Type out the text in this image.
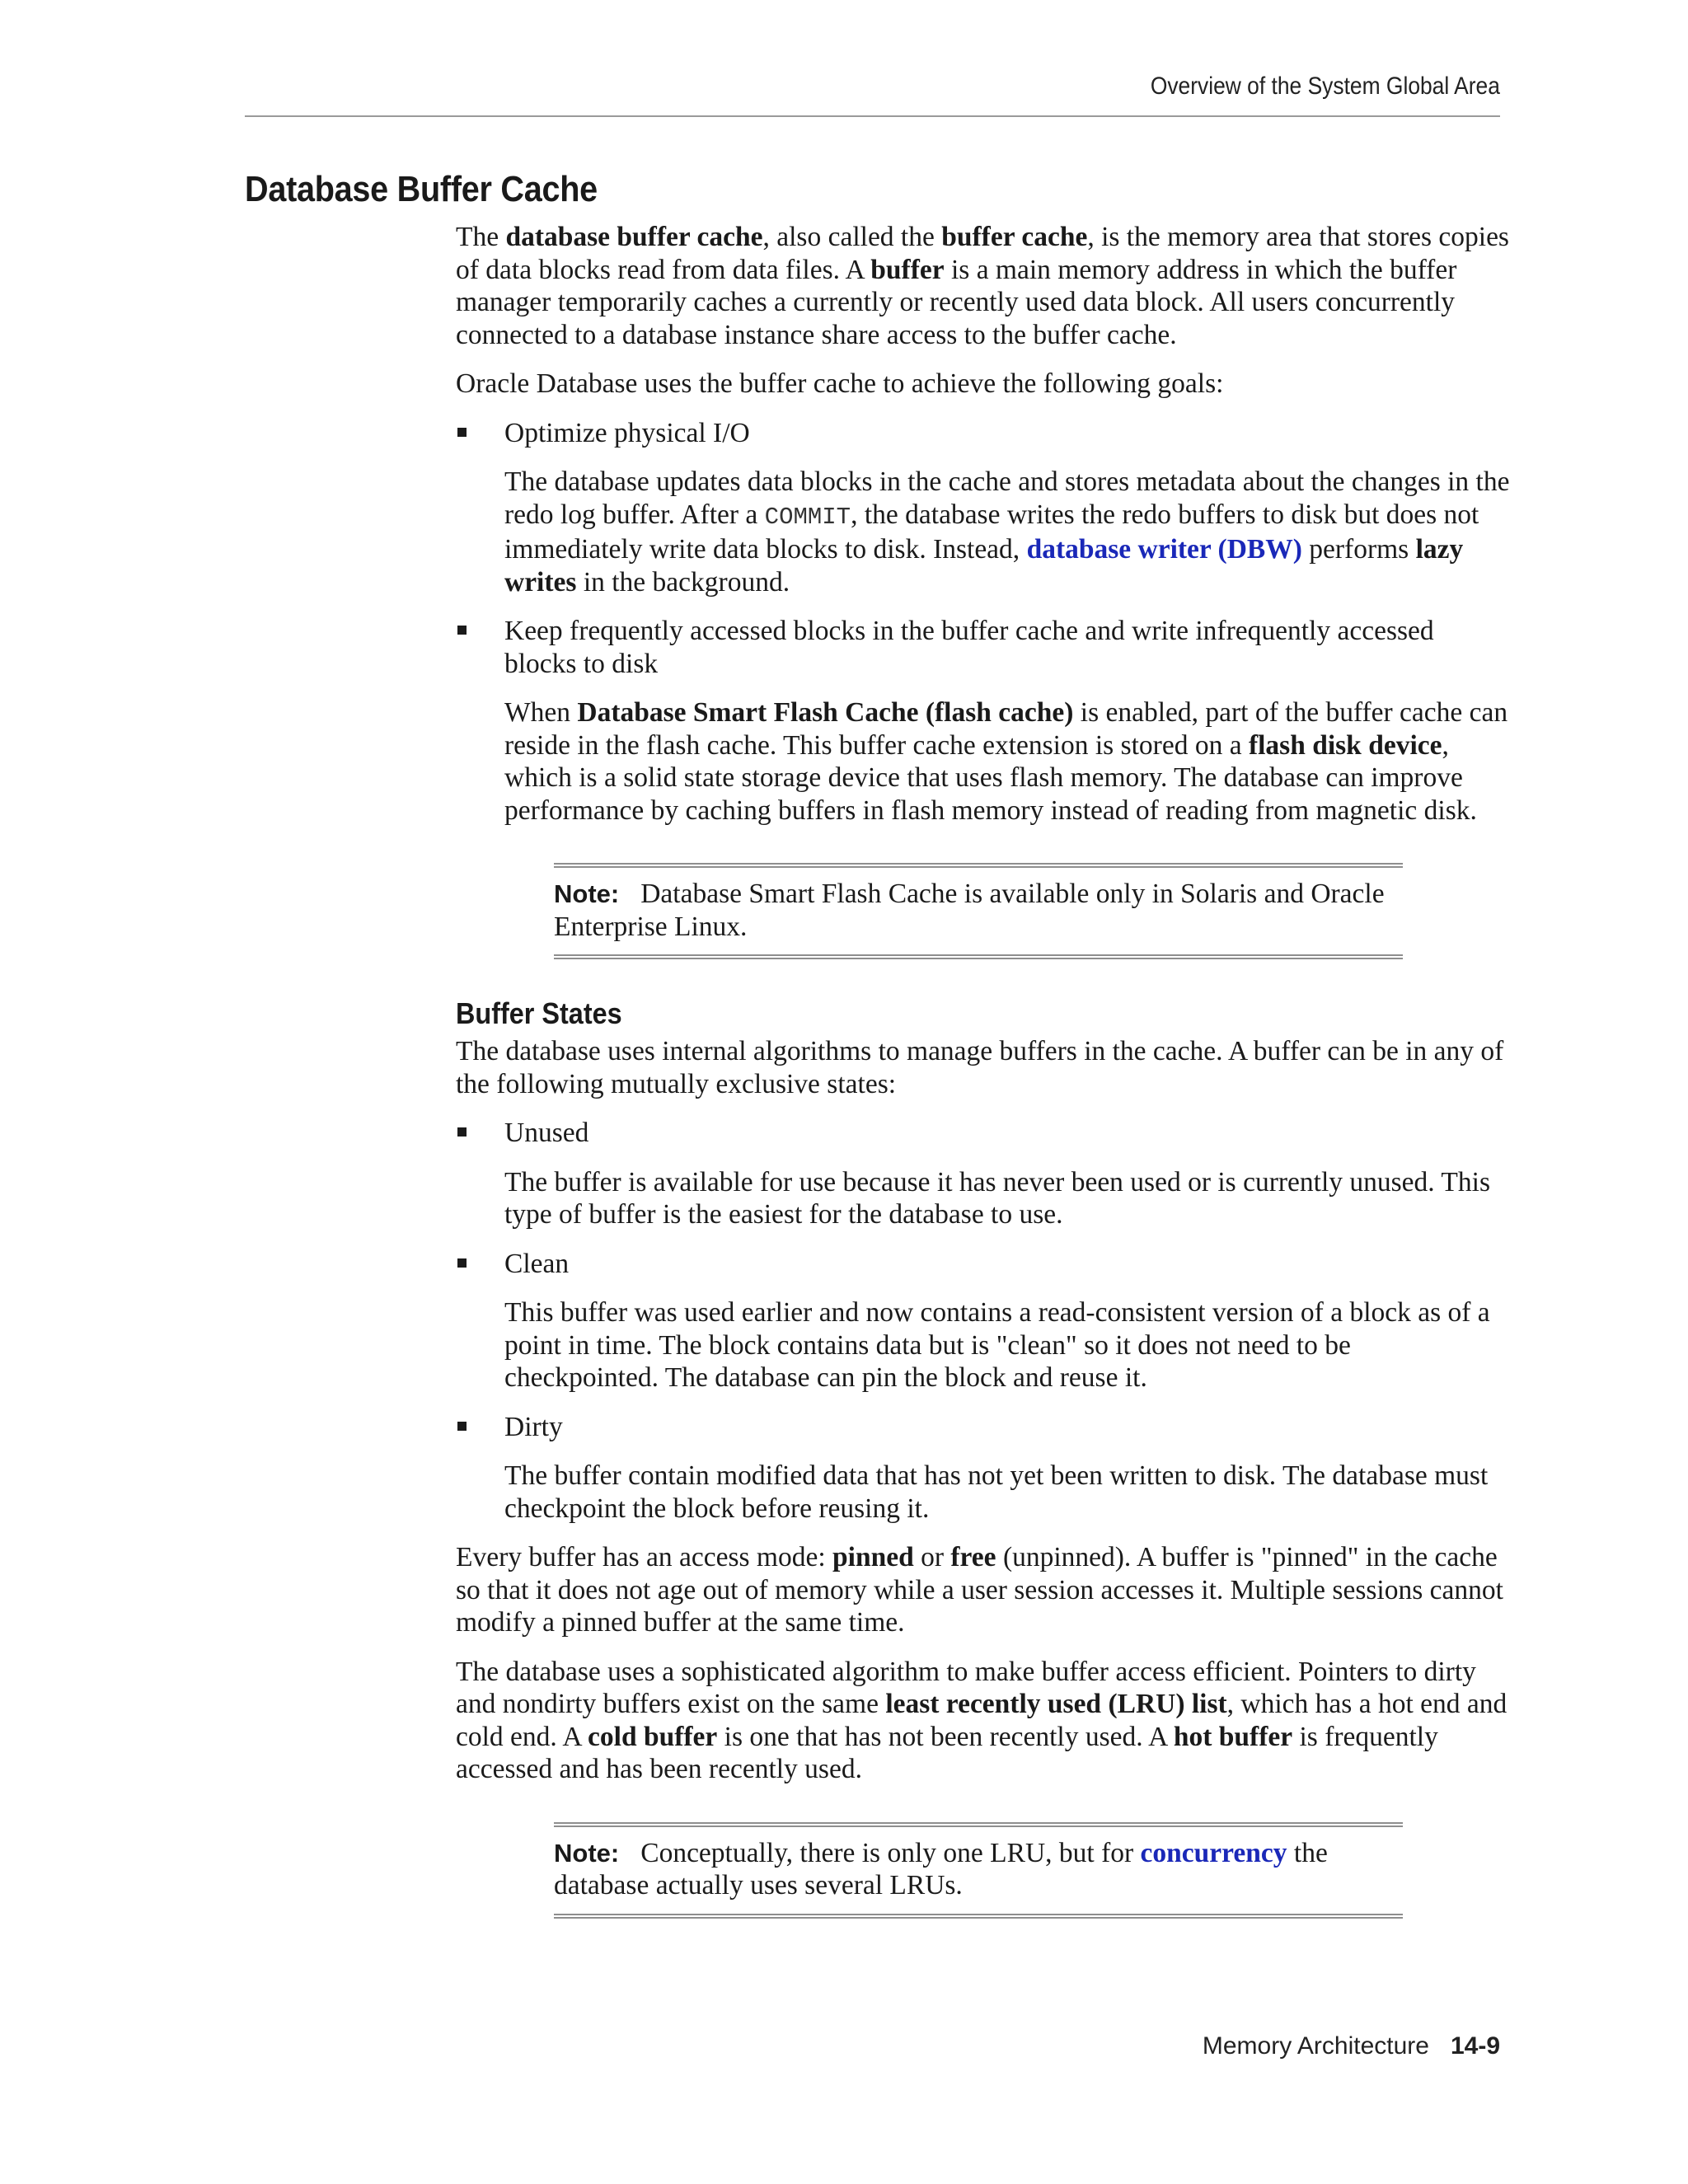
Overview of the System Global Area
Database Buffer Cache

The database buffer cache, also called the buffer cache, is the memory area that stores copies of data blocks read from data files. A buffer is a main memory address in which the buffer manager temporarily caches a currently or recently used data block. All users concurrently connected to a database instance share access to the buffer cache.

Oracle Database uses the buffer cache to achieve the following goals:

Optimize physical I/O

The database updates data blocks in the cache and stores metadata about the changes in the redo log buffer. After a COMMIT, the database writes the redo buffers to disk but does not immediately write data blocks to disk. Instead, database writer (DBW) performs lazy writes in the background.

Keep frequently accessed blocks in the buffer cache and write infrequently accessed blocks to disk

When Database Smart Flash Cache (flash cache) is enabled, part of the buffer cache can reside in the flash cache. This buffer cache extension is stored on a flash disk device, which is a solid state storage device that uses flash memory. The database can improve performance by caching buffers in flash memory instead of reading from magnetic disk.

Note: Database Smart Flash Cache is available only in Solaris and Oracle Enterprise Linux.
Buffer States

The database uses internal algorithms to manage buffers in the cache. A buffer can be in any of the following mutually exclusive states:

Unused

The buffer is available for use because it has never been used or is currently unused. This type of buffer is the easiest for the database to use.

Clean

This buffer was used earlier and now contains a read-consistent version of a block as of a point in time. The block contains data but is "clean" so it does not need to be checkpointed. The database can pin the block and reuse it.

Dirty

The buffer contain modified data that has not yet been written to disk. The database must checkpoint the block before reusing it.

Every buffer has an access mode: pinned or free (unpinned). A buffer is "pinned" in the cache so that it does not age out of memory while a user session accesses it. Multiple sessions cannot modify a pinned buffer at the same time.

The database uses a sophisticated algorithm to make buffer access efficient. Pointers to dirty and nondirty buffers exist on the same least recently used (LRU) list, which has a hot end and cold end. A cold buffer is one that has not been recently used. A hot buffer is frequently accessed and has been recently used.

Note: Conceptually, there is only one LRU, but for concurrency the database actually uses several LRUs.
Memory Architecture 14-9
